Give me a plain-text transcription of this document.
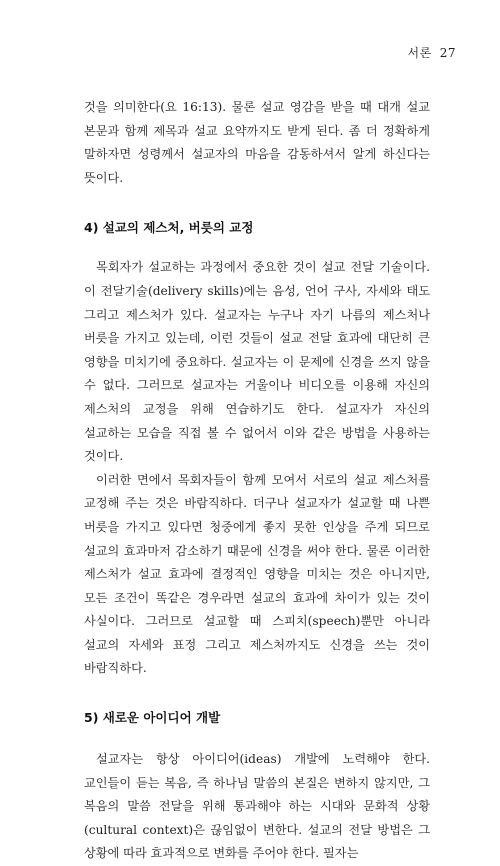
서론 27

것을 의미한다(요 16:13). 물론 설교 영감을 받을 때 대개 설교 본문과 함께 제목과 설교 요약까지도 받게 된다. 좀 더 정확하게 말하자면 성령께서 설교자의 마음을 감동하셔서 알게 하신다는 뜻이다.

4) 설교의 제스처, 버릇의 교정

목회자가 설교하는 과정에서 중요한 것이 설교 전달 기술이다. 이 전달기술(delivery skills)에는 음성, 언어 구사, 자세와 태도 그리고 제스처가 있다. 설교자는 누구나 자기 나름의 제스처나 버릇을 가지고 있는데, 이런 것들이 설교 전달 효과에 대단히 큰 영향을 미치기에 중요하다. 설교자는 이 문제에 신경을 쓰지 않을 수 없다. 그러므로 설교자는 거울이나 비디오를 이용해 자신의 제스처의 교정을 위해 연습하기도 한다. 설교자가 자신의 설교하는 모습을 직접 볼 수 없어서 이와 같은 방법을 사용하는 것이다.

이러한 면에서 목회자들이 함께 모여서 서로의 설교 제스처를 교정해 주는 것은 바람직하다. 더구나 설교자가 설교할 때 나쁜 버릇을 가지고 있다면 청중에게 좋지 못한 인상을 주게 되므로 설교의 효과마저 감소하기 때문에 신경을 써야 한다. 물론 이러한 제스처가 설교 효과에 결정적인 영향을 미치는 것은 아니지만, 모든 조건이 똑같은 경우라면 설교의 효과에 차이가 있는 것이 사실이다. 그러므로 설교할 때 스피치(speech)뿐만 아니라 설교의 자세와 표정 그리고 제스처까지도 신경을 쓰는 것이 바람직하다.

5) 새로운 아이디어 개발

설교자는 항상 아이디어(ideas) 개발에 노력해야 한다. 교인들이 듣는 복음, 즉 하나님 말씀의 본질은 변하지 않지만, 그 복음의 말씀 전달을 위해 통과해야 하는 시대와 문화적 상황(cultural context)은 끊임없이 변한다. 설교의 전달 방법은 그 상황에 따라 효과적으로 변화를 주어야 한다. 필자는
